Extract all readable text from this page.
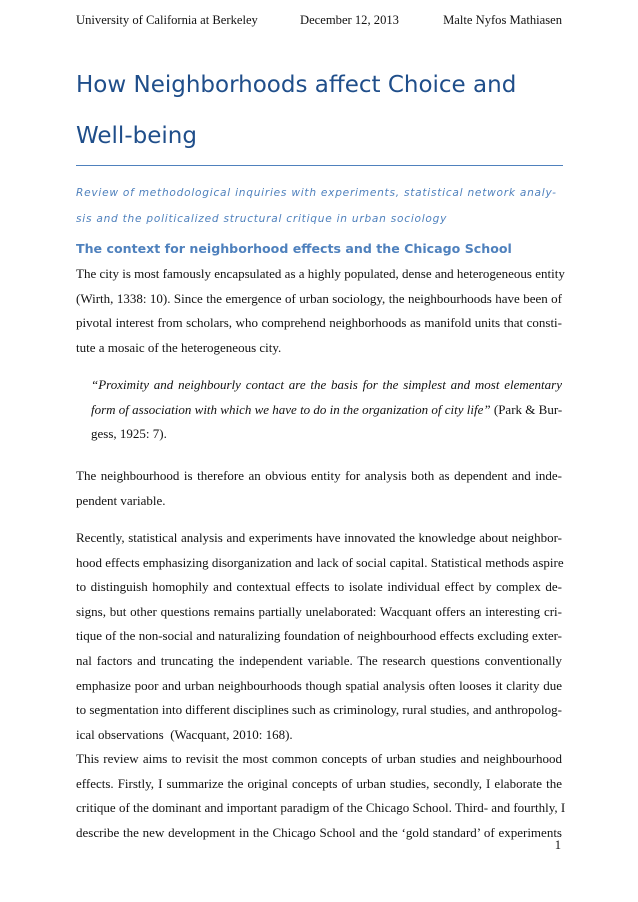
University of California at Berkeley	December 12, 2013	Malte Nyfos Mathiasen
How Neighborhoods affect Choice and
Well-being

Review of methodological inquiries with experiments, statistical network analy-
sis and the politicalized structural critique in urban sociology

The context for neighborhood effects and the Chicago School
The city is most famously encapsulated as a highly populated, dense and heterogeneous entity
(Wirth, 1338: 10). Since the emergence of urban sociology, the neighbourhoods have been of
pivotal interest from scholars, who comprehend neighborhoods as manifold units that consti-
tute a mosaic of the heterogeneous city.
“Proximity and neighbourly contact are the basis for the simplest and most elementary
form of association with which we have to do in the organization of city life” (Park & Bur-
gess, 1925: 7).
The neighbourhood is therefore an obvious entity for analysis both as dependent and inde-
pendent variable.
Recently, statistical analysis and experiments have innovated the knowledge about neighbor-
hood effects emphasizing disorganization and lack of social capital. Statistical methods aspire
to distinguish homophily and contextual effects to isolate individual effect by complex de-
signs, but other questions remains partially unelaborated: Wacquant offers an interesting cri-
tique of the non-social and naturalizing foundation of neighbourhood effects excluding exter-
nal factors and truncating the independent variable. The research questions conventionally
emphasize poor and urban neighbourhoods though spatial analysis often looses it clarity due
to segmentation into different disciplines such as criminology, rural studies, and anthropolog-
ical observations  (Wacquant, 2010: 168).
This review aims to revisit the most common concepts of urban studies and neighbourhood
effects. Firstly, I summarize the original concepts of urban studies, secondly, I elaborate the
critique of the dominant and important paradigm of the Chicago School. Third- and fourthly, I
describe the new development in the Chicago School and the ‘gold standard’ of experiments
1
